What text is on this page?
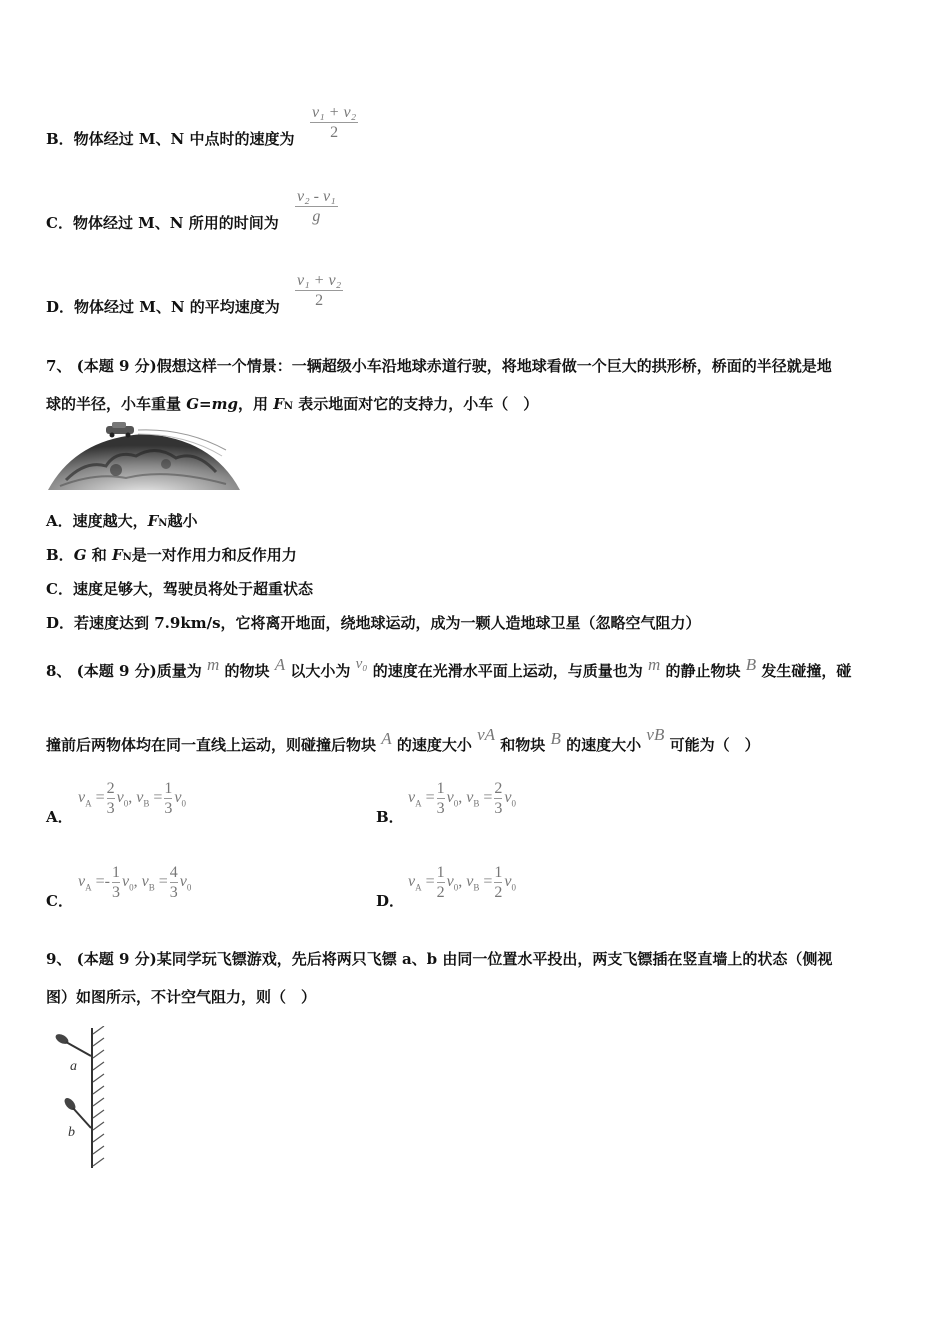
B．物体经过 M、N 中点时的速度为 $\frac{\text{v₁ + v₂}}{2}$
C．物体经过 M、N 所用的时间为 $\frac{\text{v₂ - v₁}}{g}$
D．物体经过 M、N 的平均速度为 $\frac{\text{v₁ + v₂}}{2}$
7、 (本题 9 分)假想这样一个情景：一辆超级小车沿地球赤道行驶，将地球看做一个巨大的拱形桥，桥面的半径就是地
球的半径，小车重量 G=mg，用 FN 表示地面对它的支持力，小车（　）
A．速度越大，FN越小
B．G 和 FN是一对作用力和反作用力
C．速度足够大，驾驶员将处于超重状态
D．若速度达到 7.9km/s，它将离开地面，绕地球运动，成为一颗人造地球卫星（忽略空气阻力）
8、 (本题 9 分)质量为 m 的物块 A 以大小为 v₀ 的速度在光滑水平面上运动，与质量也为 m 的静止物块 B 发生碰撞，碰
撞前后两物体均在同一直线上运动，则碰撞后物块 A 的速度大小 vA 和物块 B 的速度大小 vB 可能为（　）
A．
$v_A = \frac{2}{3} v_0$, $v_B = \frac{1}{3} v_0$
B．
$v_A = \frac{1}{3} v_0$, $v_B = \frac{2}{3} v_0$
C．
$v_A =- \frac{1}{3} v_0$, $v_B = \frac{4}{3} v_0$
D．
$v_A = \frac{1}{2} v_0$, $v_B = \frac{1}{2} v_0$
9、 (本题 9 分)某同学玩飞镖游戏，先后将两只飞镖 a、b 由同一位置水平投出，两支飞镖插在竖直墙上的状态（侧视
图）如图所示，不计空气阻力，则（　）
a
b
